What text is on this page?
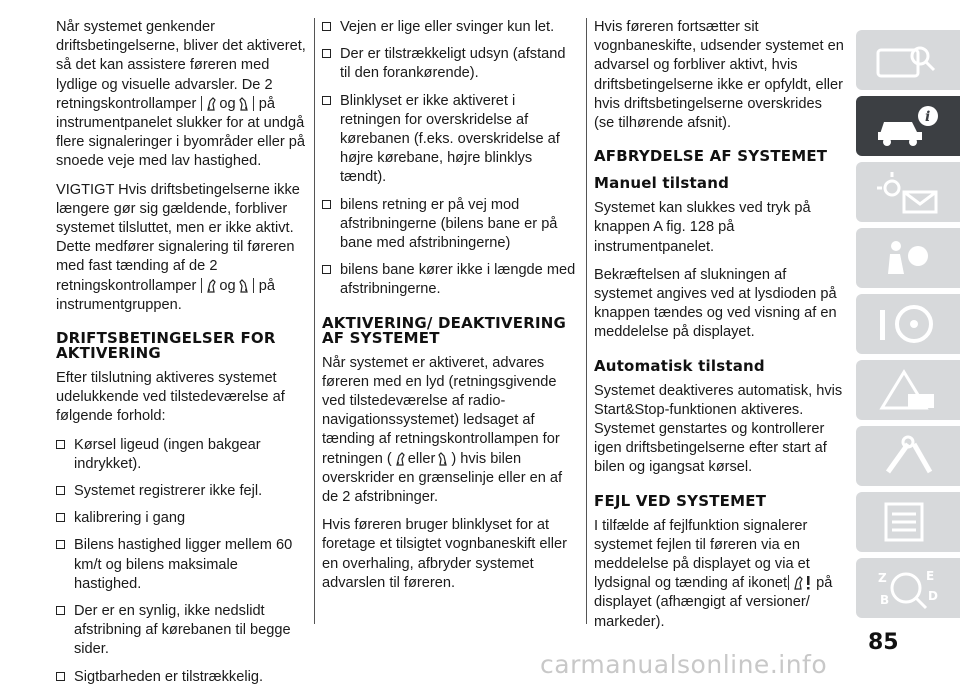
Når systemet genkender driftsbetingelserne, bliver det aktiveret, så det kan assistere føreren med lydlige og visuelle advarsler. De 2 retningskontrollamper og på instrumentpanelet slukker for at undgå flere signaleringer i byområder eller på snoede veje med lav hastighed.

VIGTIGT Hvis driftsbetingelserne ikke længere gør sig gældende, forbliver systemet tilsluttet, men er ikke aktivt. Dette medfører signalering til føreren med fast tænding af de 2 retningskontrollamper og på instrumentgruppen.

DRIFTSBETINGELSER FOR AKTIVERING

Efter tilslutning aktiveres systemet udelukkende ved tilstedeværelse af følgende forhold:

Kørsel ligeud (ingen bakgear indrykket).
Systemet registrerer ikke fejl.
kalibrering i gang
Bilens hastighed ligger mellem 60 km/t og bilens maksimale hastighed.
Der er en synlig, ikke nedslidt afstribning af kørebanen til begge sider.
Sigtbarheden er tilstrækkelig.
Vejen er lige eller svinger kun let.
Der er tilstrækkeligt udsyn (afstand til den forankørende).
Blinklyset er ikke aktiveret i retningen for overskridelse af kørebanen (f.eks. overskridelse af højre kørebane, højre blinklys tændt).
bilens retning er på vej mod afstribningerne (bilens bane er på bane med afstribningerne)
bilens bane kører ikke i længde med afstribningerne.
AKTIVERING/ DEAKTIVERING AF SYSTEMET

Når systemet er aktiveret, advares føreren med en lyd (retningsgivende ved tilstedeværelse af radio-navigationssystemet) ledsaget af tænding af retningskontrollampen for retningen ( eller ) hvis bilen overskrider en grænselinje eller en af de 2 afstribninger.

Hvis føreren bruger blinklyset for at foretage et tilsigtet vognbaneskift eller en overhaling, afbryder systemet advarslen til føreren.

Hvis føreren fortsætter sit vognbaneskifte, udsender systemet en advarsel og forbliver aktivt, hvis driftsbetingelserne ikke er opfyldt, eller hvis driftsbetingelserne overskrides (se tilhørende afsnit).

AFBRYDELSE AF SYSTEMET
Manuel tilstand

Systemet kan slukkes ved tryk på knappen A fig. 128 på instrumentpanelet.

Bekræftelsen af slukningen af systemet angives ved at lysdioden på knappen tændes og ved visning af en meddelelse på displayet.

Automatisk tilstand

Systemet deaktiveres automatisk, hvis Start&Stop-funktionen aktiveres. Systemet genstartes og kontrollerer igen driftsbetingelserne efter start af bilen og igangsat kørsel.

FEJL VED SYSTEMET

I tilfælde af fejlfunktion signalerer systemet fejlen til føreren via en meddelelse på displayet og via et lydsignal og tænding af ikonet på displayet (afhængigt af versioner/ markeder).

i
Z	E
B	D
85
carmanualsonline.info
